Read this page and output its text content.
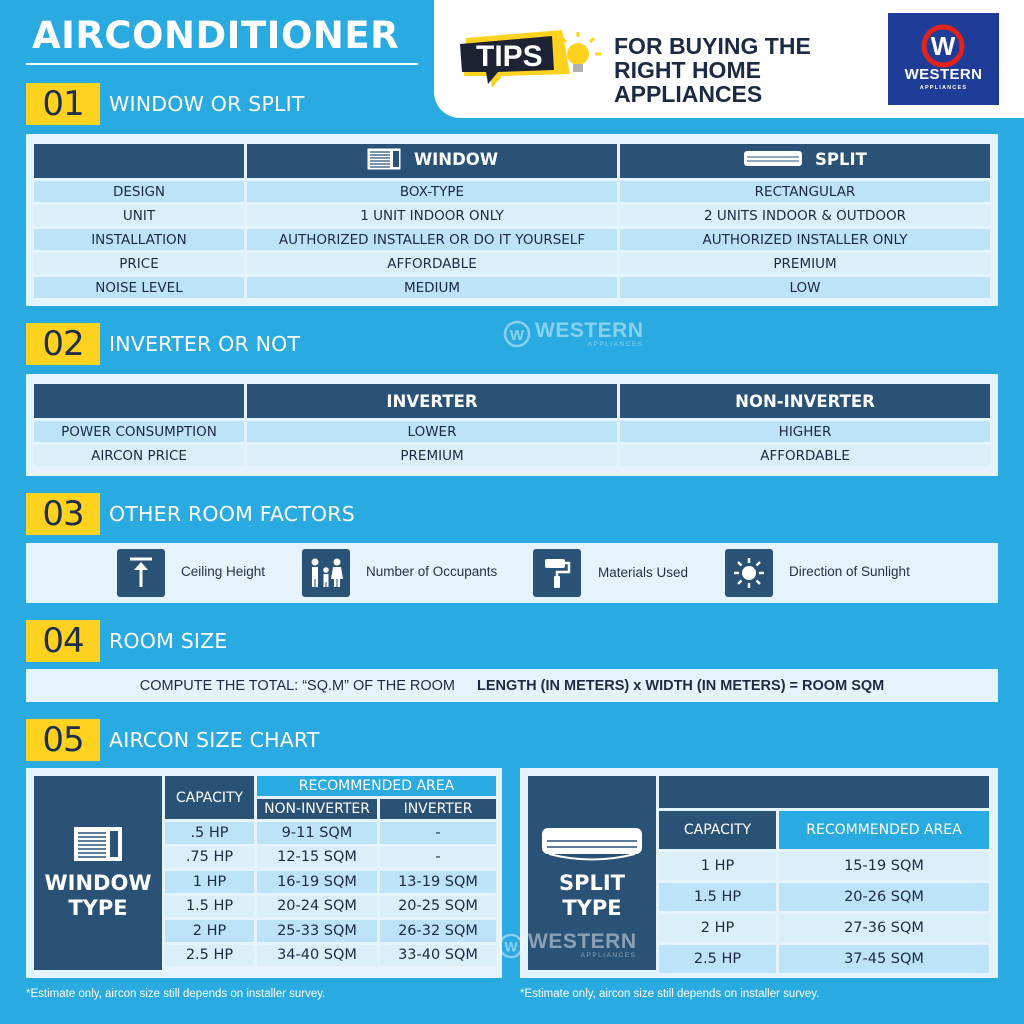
AIRCONDITIONER	TIPS	FOR BUYING THE RIGHT HOME APPLIANCES
W
WESTERN
APPLIANCES
01	WINDOW OR SPLIT

	WINDOW	SPLIT

DESIGN	BOX-TYPE	RECTANGULAR
UNIT	1 UNIT INDOOR ONLY	2 UNITS INDOOR & OUTDOOR
INSTALLATION	AUTHORIZED INSTALLER OR DO IT YOURSELF	AUTHORIZED INSTALLER ONLY
PRICE	AFFORDABLE	PREMIUM
NOISE LEVEL	MEDIUM	LOW
02	INVERTER OR NOT	W WESTERN
APPLIANCES
	INVERTER	NON-INVERTER
POWER CONSUMPTION	LOWER	HIGHER
AIRCON PRICE	PREMIUM	AFFORDABLE
03	OTHER ROOM FACTORS
Ceiling Height	Number of Occupants	Materials Used	Direction of Sunlight
04	ROOM SIZE
COMPUTE THE TOTAL: “SQ.M” OF THE ROOM LENGTH (IN METERS) x WIDTH (IN METERS) = ROOM SQM
05	AIRCON SIZE CHART
WINDOW
TYPE
CAPACITY	RECOMMENDED AREA	
	NON-INVERTER	INVERTER
.5 HP	9-11 SQM	-
.75 HP	12-15 SQM	-
1 HP	16-19 SQM	13-19 SQM
1.5 HP	20-24 SQM	20-25 SQM
2 HP	25-33 SQM	26-32 SQM
2.5 HP	34-40 SQM	33-40 SQM
SPLIT
TYPE

CAPACITY	RECOMMENDED AREA
1 HP	15-19 SQM
1.5 HP	20-26 SQM
2 HP	27-36 SQM
2.5 HP	37-45 SQM
W WESTERN
APPLIANCES
*Estimate only, aircon size still depends on installer survey.	*Estimate only, aircon size still depends on installer survey.
